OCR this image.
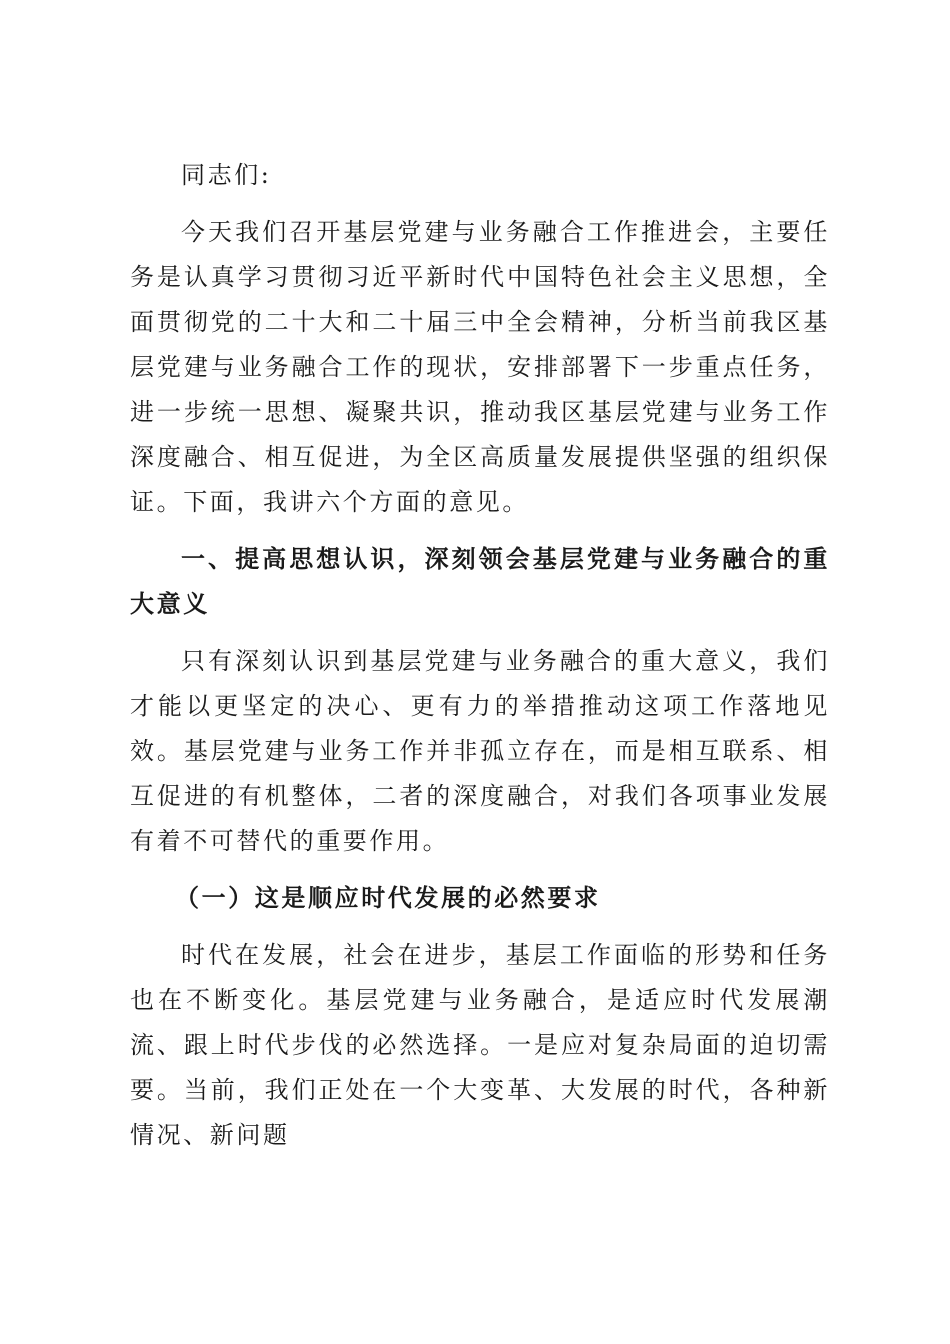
同志们:

今天我们召开基层党建与业务融合工作推进会，主要任务是认真学习贯彻习近平新时代中国特色社会主义思想，全面贯彻党的二十大和二十届三中全会精神，分析当前我区基层党建与业务融合工作的现状，安排部署下一步重点任务，进一步统一思想、凝聚共识，推动我区基层党建与业务工作深度融合、相互促进，为全区高质量发展提供坚强的组织保证。下面，我讲六个方面的意见。

一、提高思想认识，深刻领会基层党建与业务融合的重大意义

只有深刻认识到基层党建与业务融合的重大意义，我们才能以更坚定的决心、更有力的举措推动这项工作落地见效。基层党建与业务工作并非孤立存在，而是相互联系、相互促进的有机整体，二者的深度融合，对我们各项事业发展有着不可替代的重要作用。

（一）这是顺应时代发展的必然要求

时代在发展，社会在进步，基层工作面临的形势和任务也在不断变化。基层党建与业务融合，是适应时代发展潮流、跟上时代步伐的必然选择。一是应对复杂局面的迫切需要。当前，我们正处在一个大变革、大发展的时代，各种新情况、新问题
